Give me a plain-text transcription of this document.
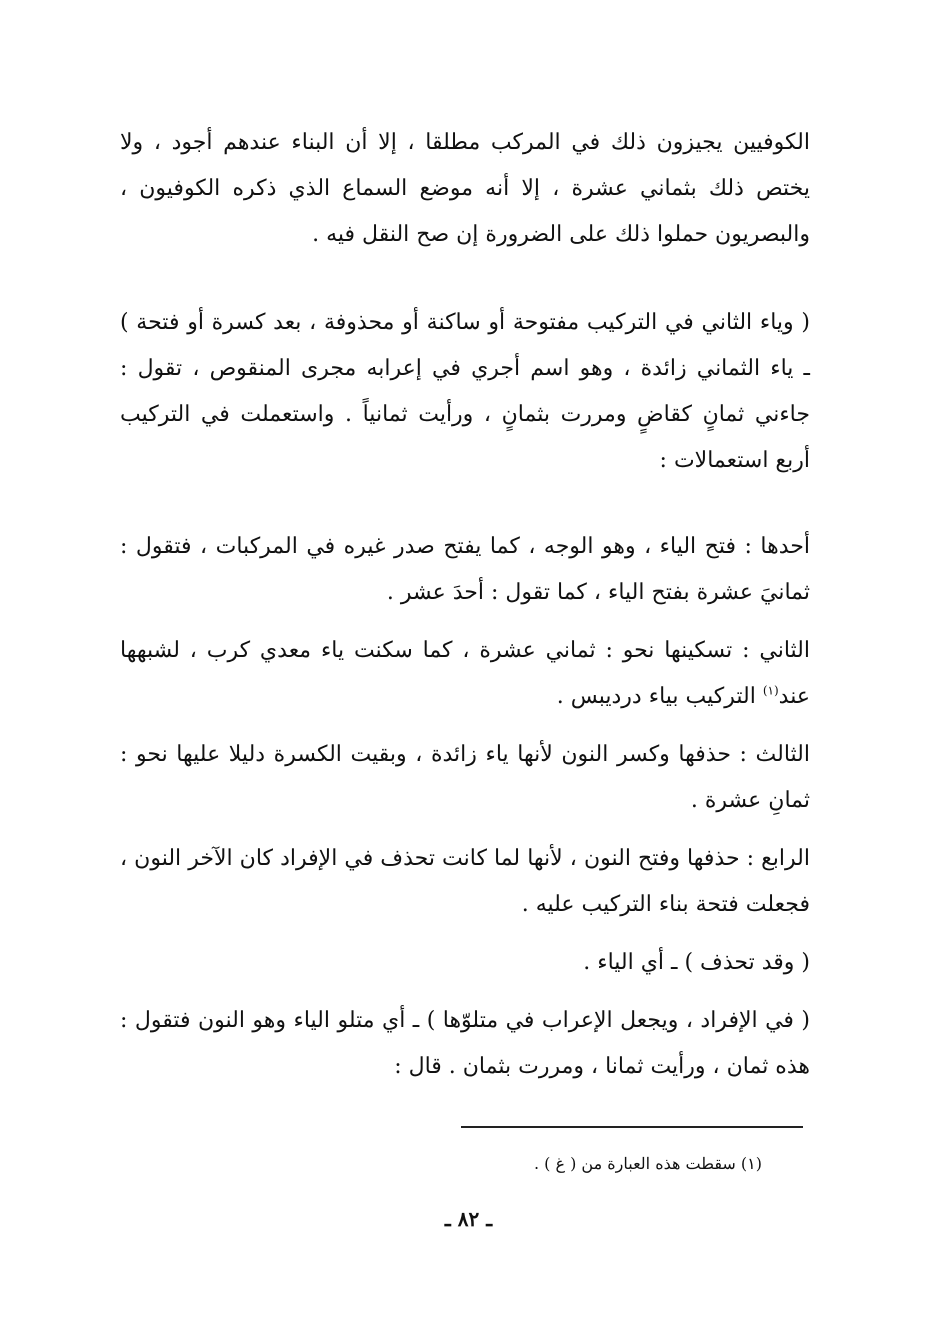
الكوفيين يجيزون ذلك في المركب مطلقا ، إلا أن البناء عندهم أجود ، ولا يختص ذلك بثماني عشرة ، إلا أنه موضع السماع الذي ذكره الكوفيون ، والبصريون حملوا ذلك على الضرورة إن صح النقل فيه .

( وياء الثاني في التركيب مفتوحة أو ساكنة أو محذوفة ، بعد كسرة أو فتحة ) ـ ياء الثماني زائدة ، وهو اسم أجري في إعرابه مجرى المنقوص ، تقول : جاءني ثمانٍ كقاضٍ ومررت بثمانٍ ، ورأيت ثمانياً . واستعملت في التركيب أربع استعمالات :

أحدها : فتح الياء ، وهو الوجه ، كما يفتح صدر غيره في المركبات ، فتقول : ثمانيَ عشرة بفتح الياء ، كما تقول : أحدَ عشر .

الثاني : تسكينها نحو : ثماني عشرة ، كما سكنت ياء معدي كرب ، لشبهها عند$^{(١)}$ التركيب بياء درديبس .

الثالث : حذفها وكسر النون لأنها ياء زائدة ، وبقيت الكسرة دليلا عليها نحو : ثمانِ عشرة .

الرابع : حذفها وفتح النون ، لأنها لما كانت تحذف في الإفراد كان الآخر النون ، فجعلت فتحة بناء التركيب عليه .

( وقد تحذف ) ـ أي الياء .

( في الإفراد ، ويجعل الإعراب في متلوّها ) ـ أي متلو الياء وهو النون فتقول : هذه ثمان ، ورأيت ثمانا ، ومررت بثمان . قال :

(١) سقطت هذه العبارة من ( غ ) .
ـ ٨٢ ـ
